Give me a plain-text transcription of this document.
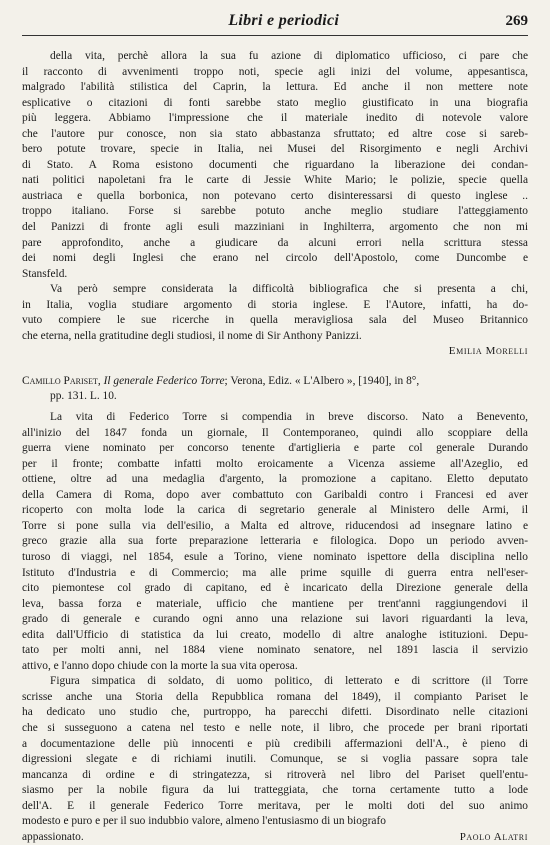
Libri e periodici	269
della vita, perchè allora la sua fu azione di diplomatico ufficioso, ci pare che
il racconto di avvenimenti troppo noti, specie agli inizi del volume, appesantisca,
malgrado l'abilità stilistica del Caprin, la lettura. Ed anche il non mettere note
esplicative o citazioni di fonti sarebbe stato meglio giustificato in una biografia
più leggera. Abbiamo l'impressione che il materiale inedito di notevole valore
che l'autore pur conosce, non sia stato abbastanza sfruttato; ed altre cose si sareb-
bero potute trovare, specie in Italia, nei Musei del Risorgimento e negli Archivi
di Stato. A Roma esistono documenti che riguardano la liberazione dei condan-
nati politici napoletani fra le carte di Jessie White Mario; le polizie, specie quella
austriaca e quella borbonica, non potevano certo disinteressarsi di questo inglese ..
troppo italiano. Forse si sarebbe potuto anche meglio studiare l'atteggiamento
del Panizzi di fronte agli esuli mazziniani in Inghilterra, argomento che non mi
pare approfondito, anche a giudicare da alcuni errori nella scrittura stessa
dei nomi degli Inglesi che erano nel circolo dell'Apostolo, come Duncombe e
Stansfeld.
Va però sempre considerata la difficoltà bibliografica che si presenta a chi,
in Italia, voglia studiare argomento di storia inglese. E l'Autore, infatti, ha do-
vuto compiere le sue ricerche in quella meravigliosa sala del Museo Britannico
che eterna, nella gratitudine degli studiosi, il nome di Sir Anthony Panizzi.
Emilia Morelli
Camillo Pariset, Il generale Federico Torre; Verona, Ediz. « L'Albero », [1940], in 8°,
pp. 131. L. 10.
La vita di Federico Torre si compendia in breve discorso. Nato a Benevento,
all'inizio del 1847 fonda un giornale, Il Contemporaneo, quindi allo scoppiare della
guerra viene nominato per concorso tenente d'artiglieria e parte col generale Durando
per il fronte; combatte infatti molto eroicamente a Vicenza assieme all'Azeglio, ed
ottiene, oltre ad una medaglia d'argento, la promozione a capitano. Eletto deputato
della Camera di Roma, dopo aver combattuto con Garibaldi contro i Francesi ed aver
ricoperto con molta lode la carica di segretario generale al Ministero delle Armi, il
Torre si pone sulla via dell'esilio, a Malta ed altrove, riducendosi ad insegnare latino e
greco grazie alla sua forte preparazione letteraria e filologica. Dopo un periodo avven-
turoso di viaggi, nel 1854, esule a Torino, viene nominato ispettore della disciplina nello
Istituto d'Industria e di Commercio; ma alle prime squille di guerra entra nell'eser-
cito piemontese col grado di capitano, ed è incaricato della Direzione generale della
leva, bassa forza e materiale, ufficio che mantiene per trent'anni raggiungendovi il
grado di generale e curando ogni anno una relazione sui lavori riguardanti la leva,
edita dall'Ufficio di statistica da lui creato, modello di altre analoghe istituzioni. Depu-
tato per molti anni, nel 1884 viene nominato senatore, nel 1891 lascia il servizio
attivo, e l'anno dopo chiude con la morte la sua vita operosa.
Figura simpatica di soldato, di uomo politico, di letterato e di scrittore (il Torre
scrisse anche una Storia della Repubblica romana del 1849), il compianto Pariset le
ha dedicato uno studio che, purtroppo, ha parecchi difetti. Disordinato nelle citazioni
che si susseguono a catena nel testo e nelle note, il libro, che procede per brani riportati
a documentazione delle più innocenti e più credibili affermazioni dell'A., è pieno di
digressioni slegate e di richiami inutili. Comunque, se si voglia passare sopra tale
mancanza di ordine e di stringatezza, si ritroverà nel libro del Pariset quell'entu-
siasmo per la nobile figura da lui tratteggiata, che torna certamente tutto a lode
dell'A. E il generale Federico Torre meritava, per le molti doti del suo animo
modesto e puro e per il suo indubbio valore, almeno l'entusiasmo di un biografo
appassionato.	Paolo Alatri
